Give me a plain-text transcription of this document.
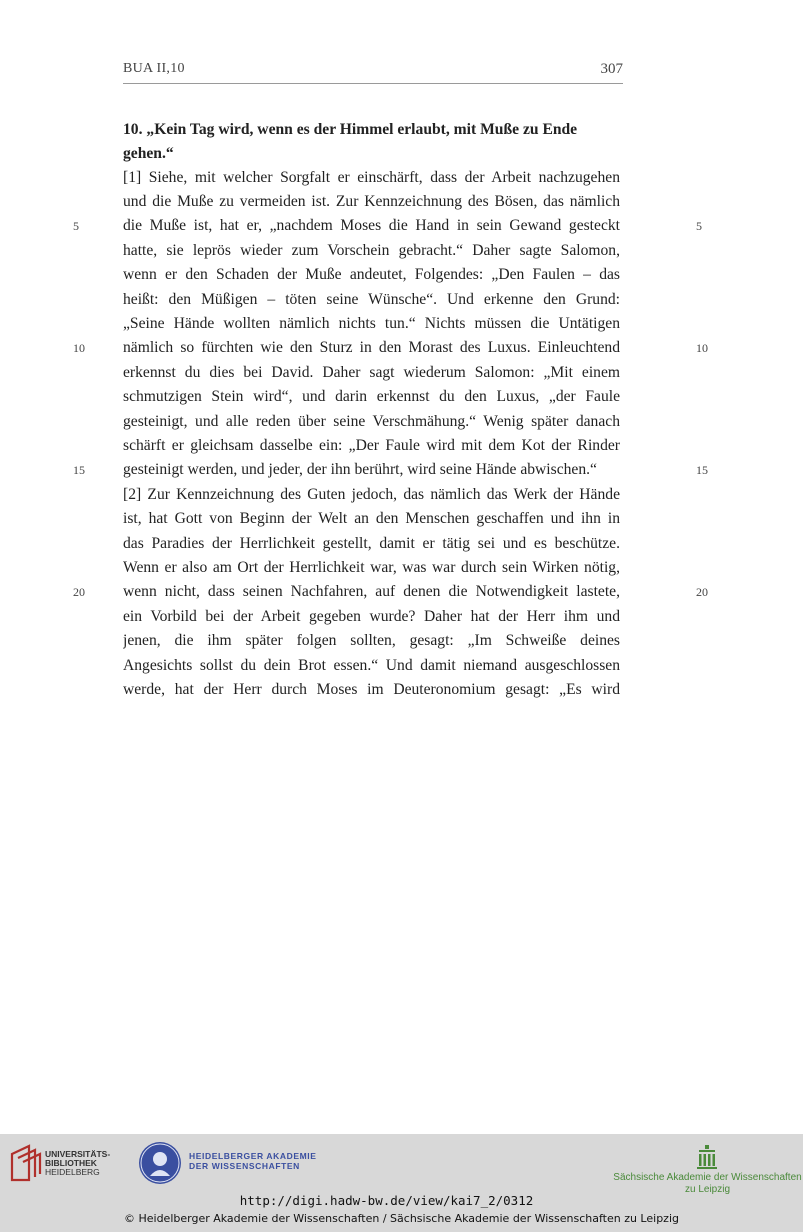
BUA II,10	307
10. „Kein Tag wird, wenn es der Himmel erlaubt, mit Muße zu Ende
gehen.“
[1] Siehe, mit welcher Sorgfalt er einschärft, dass der Arbeit nachzugehen
und die Muße zu vermeiden ist. Zur Kennzeichnung des Bösen, das nämlich
die Muße ist, hat er, „nachdem Moses die Hand in sein Gewand gesteckt
hatte, sie leprös wieder zum Vorschein gebracht.“ Daher sagte Salomon,
wenn er den Schaden der Muße andeutet, Folgendes: „Den Faulen – das
heißt: den Müßigen – töten seine Wünsche“. Und erkenne den Grund:
„Seine Hände wollten nämlich nichts tun.“ Nichts müssen die Untätigen
nämlich so fürchten wie den Sturz in den Morast des Luxus. Einleuchtend
erkennst du dies bei David. Daher sagt wiederum Salomon: „Mit einem
schmutzigen Stein wird“, und darin erkennst du den Luxus, „der Faule
gesteinigt, und alle reden über seine Verschmähung.“ Wenig später danach
schärft er gleichsam dasselbe ein: „Der Faule wird mit dem Kot der Rinder
gesteinigt werden, und jeder, der ihn berührt, wird seine Hände abwischen.“
[2] Zur Kennzeichnung des Guten jedoch, das nämlich das Werk der Hände
ist, hat Gott von Beginn der Welt an den Menschen geschaffen und ihn in
das Paradies der Herrlichkeit gestellt, damit er tätig sei und es beschütze.
Wenn er also am Ort der Herrlichkeit war, was war durch sein Wirken nötig,
wenn nicht, dass seinen Nachfahren, auf denen die Notwendigkeit lastete,
ein Vorbild bei der Arbeit gegeben wurde? Daher hat der Herr ihm und
jenen, die ihm später folgen sollten, gesagt: „Im Schweiße deines
Angesichts sollst du dein Brot essen.“ Und damit niemand ausgeschlossen
werde, hat der Herr durch Moses im Deuteronomium gesagt: „Es wird
5	5
10	10
15	15
20	20
UNIVERSITÄTS-
BIBLIOTHEK
HEIDELBERG
HEIDELBERGER AKADEMIE
DER WISSENSCHAFTEN
Sächsische Akademie der Wissenschaften
zu Leipzig
http://digi.hadw-bw.de/view/kai7_2/0312
© Heidelberger Akademie der Wissenschaften / Sächsische Akademie der Wissenschaften zu Leipzig
